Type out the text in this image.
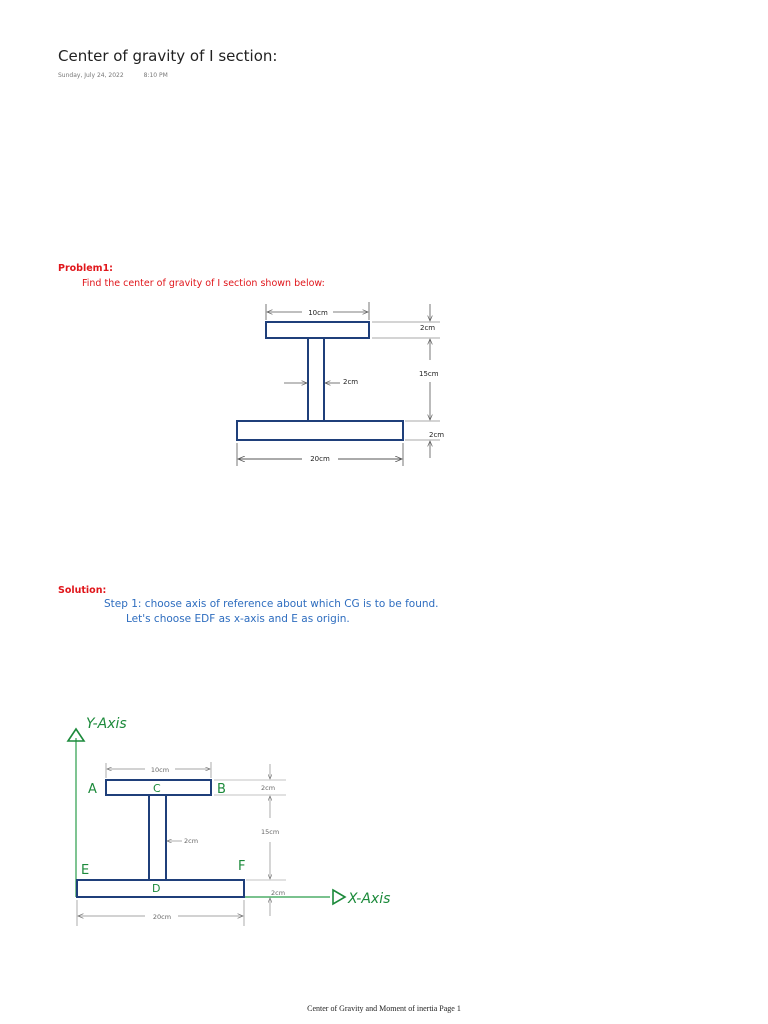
Center of gravity of I section:
Sunday, July 24, 2022	8:10 PM
Problem1:
Find the center of gravity of I section shown below:
10cm
2cm
15cm
2cm
2cm
20cm
Solution:
Step 1: choose axis of reference about which CG is to be found.
Let's choose EDF as x-axis and E as origin.
Y-Axis
X-Axis
A	B
C
D
E	F
10cm
2cm
15cm
2cm
2cm
20cm
Center of Gravity and Moment of inertia Page 1
